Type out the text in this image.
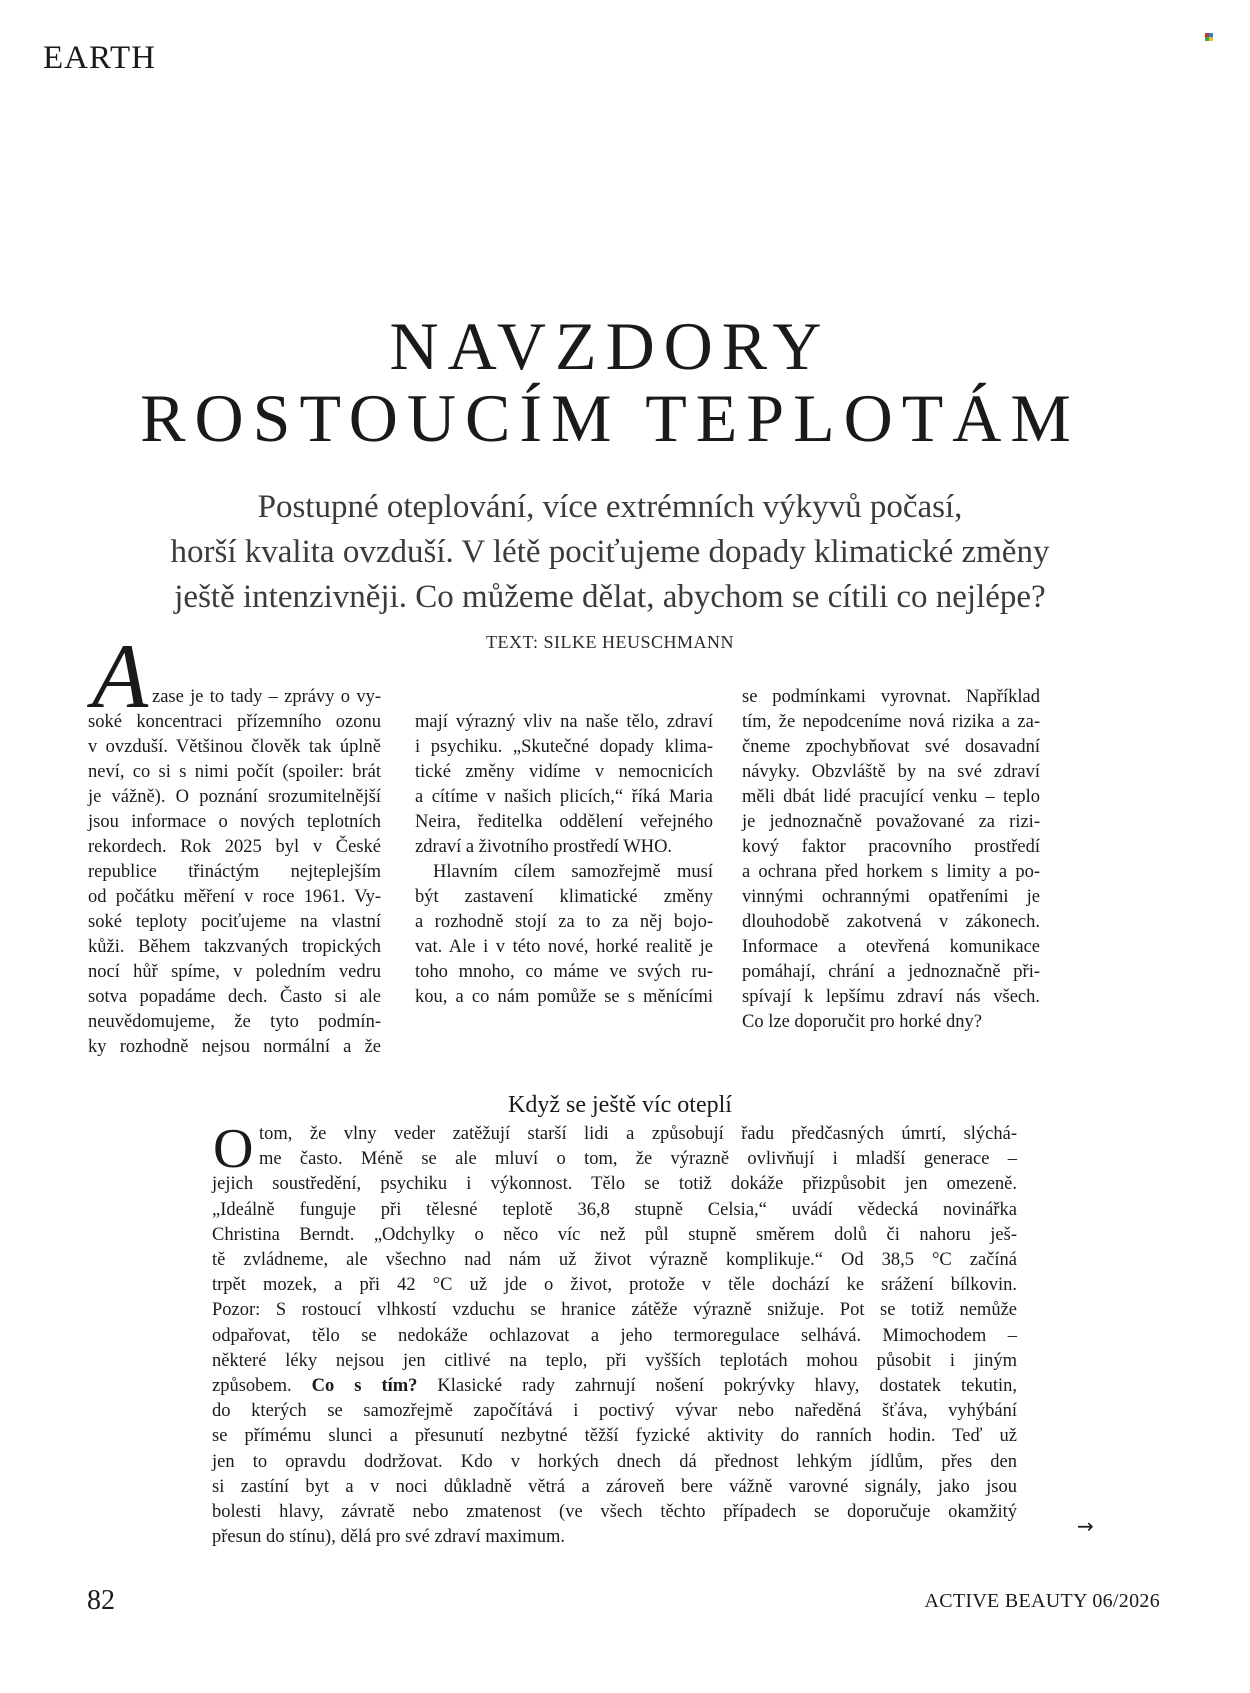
EARTH
NAVZDORY
ROSTOUCÍM TEPLOTÁM
Postupné oteplování, více extrémních výkyvů počasí,
horší kvalita ovzduší. V létě pociťujeme dopady klimatické změny
ještě intenzivněji. Co můžeme dělat, abychom se cítili co nejlépe?
TEXT: SILKE HEUSCHMANN
A zase je to tady – zprávy o vy-
soké koncentraci přízemního ozonu
v ovzduší. Většinou člověk tak úplně
neví, co si s nimi počít (spoiler: brát
je vážně). O poznání srozumitelnější
jsou informace o nových teplotních
rekordech. Rok 2025 byl v České
republice třináctým nejteplejším
od počátku měření v roce 1961. Vy-
soké teploty pociťujeme na vlastní
kůži. Během takzvaných tropických
nocí hůř spíme, v poledním vedru
sotva popadáme dech. Často si ale
neuvědomujeme, že tyto podmín-
ky rozhodně nejsou normální a že

mají výrazný vliv na naše tělo, zdraví
i psychiku. „Skutečné dopady klima-
tické změny vidíme v nemocnicích
a cítíme v našich plicích,“ říká Maria
Neira, ředitelka oddělení veřejného
zdraví a životního prostředí WHO.

Hlavním cílem samozřejmě musí
být zastavení klimatické změny
a rozhodně stojí za to za něj bojo-
vat. Ale i v této nové, horké realitě je
toho mnoho, co máme ve svých ru-
kou, a co nám pomůže se s měnícími

se podmínkami vyrovnat. Například
tím, že nepodceníme nová rizika a za-
čneme zpochybňovat své dosavadní
návyky. Obzvláště by na své zdraví
měli dbát lidé pracující venku – teplo
je jednoznačně považované za rizi-
kový faktor pracovního prostředí
a ochrana před horkem s limity a po-
vinnými ochrannými opatřeními je
dlouhodobě zakotvená v zákonech.
Informace a otevřená komunikace
pomáhají, chrání a jednoznačně při-
spívají k lepšímu zdraví nás všech.
Co lze doporučit pro horké dny?
Když se ještě víc oteplí
O tom, že vlny veder zatěžují starší lidi a způsobují řadu předčasných úmrtí, slýchá-
me často. Méně se ale mluví o tom, že výrazně ovlivňují i mladší generace –
jejich soustředění, psychiku i výkonnost. Tělo se totiž dokáže přizpůsobit jen omezeně.
„Ideálně funguje při tělesné teplotě 36,8 stupně Celsia,“ uvádí vědecká novinářka
Christina Berndt. „Odchylky o něco víc než půl stupně směrem dolů či nahoru ješ-
tě zvládneme, ale všechno nad nám už život výrazně komplikuje.“ Od 38,5 °C začíná
trpět mozek, a při 42 °C už jde o život, protože v těle dochází ke srážení bílkovin.
Pozor: S rostoucí vlhkostí vzduchu se hranice zátěže výrazně snižuje. Pot se totiž nemůže
odpařovat, tělo se nedokáže ochlazovat a jeho termoregulace selhává. Mimochodem –
některé léky nejsou jen citlivé na teplo, při vyšších teplotách mohou působit i jiným
způsobem. Co s tím? Klasické rady zahrnují nošení pokrývky hlavy, dostatek tekutin,
do kterých se samozřejmě započítává i poctivý vývar nebo naředěná šťáva, vyhýbání
se přímému slunci a přesunutí nezbytné těžší fyzické aktivity do ranních hodin. Teď už
jen to opravdu dodržovat. Kdo v horkých dnech dá přednost lehkým jídlům, přes den
si zastíní byt a v noci důkladně větrá a zároveň bere vážně varovné signály, jako jsou
bolesti hlavy, závratě nebo zmatenost (ve všech těchto případech se doporučuje okamžitý
přesun do stínu), dělá pro své zdraví maximum.	→
82	ACTIVE BEAUTY 06/2026
